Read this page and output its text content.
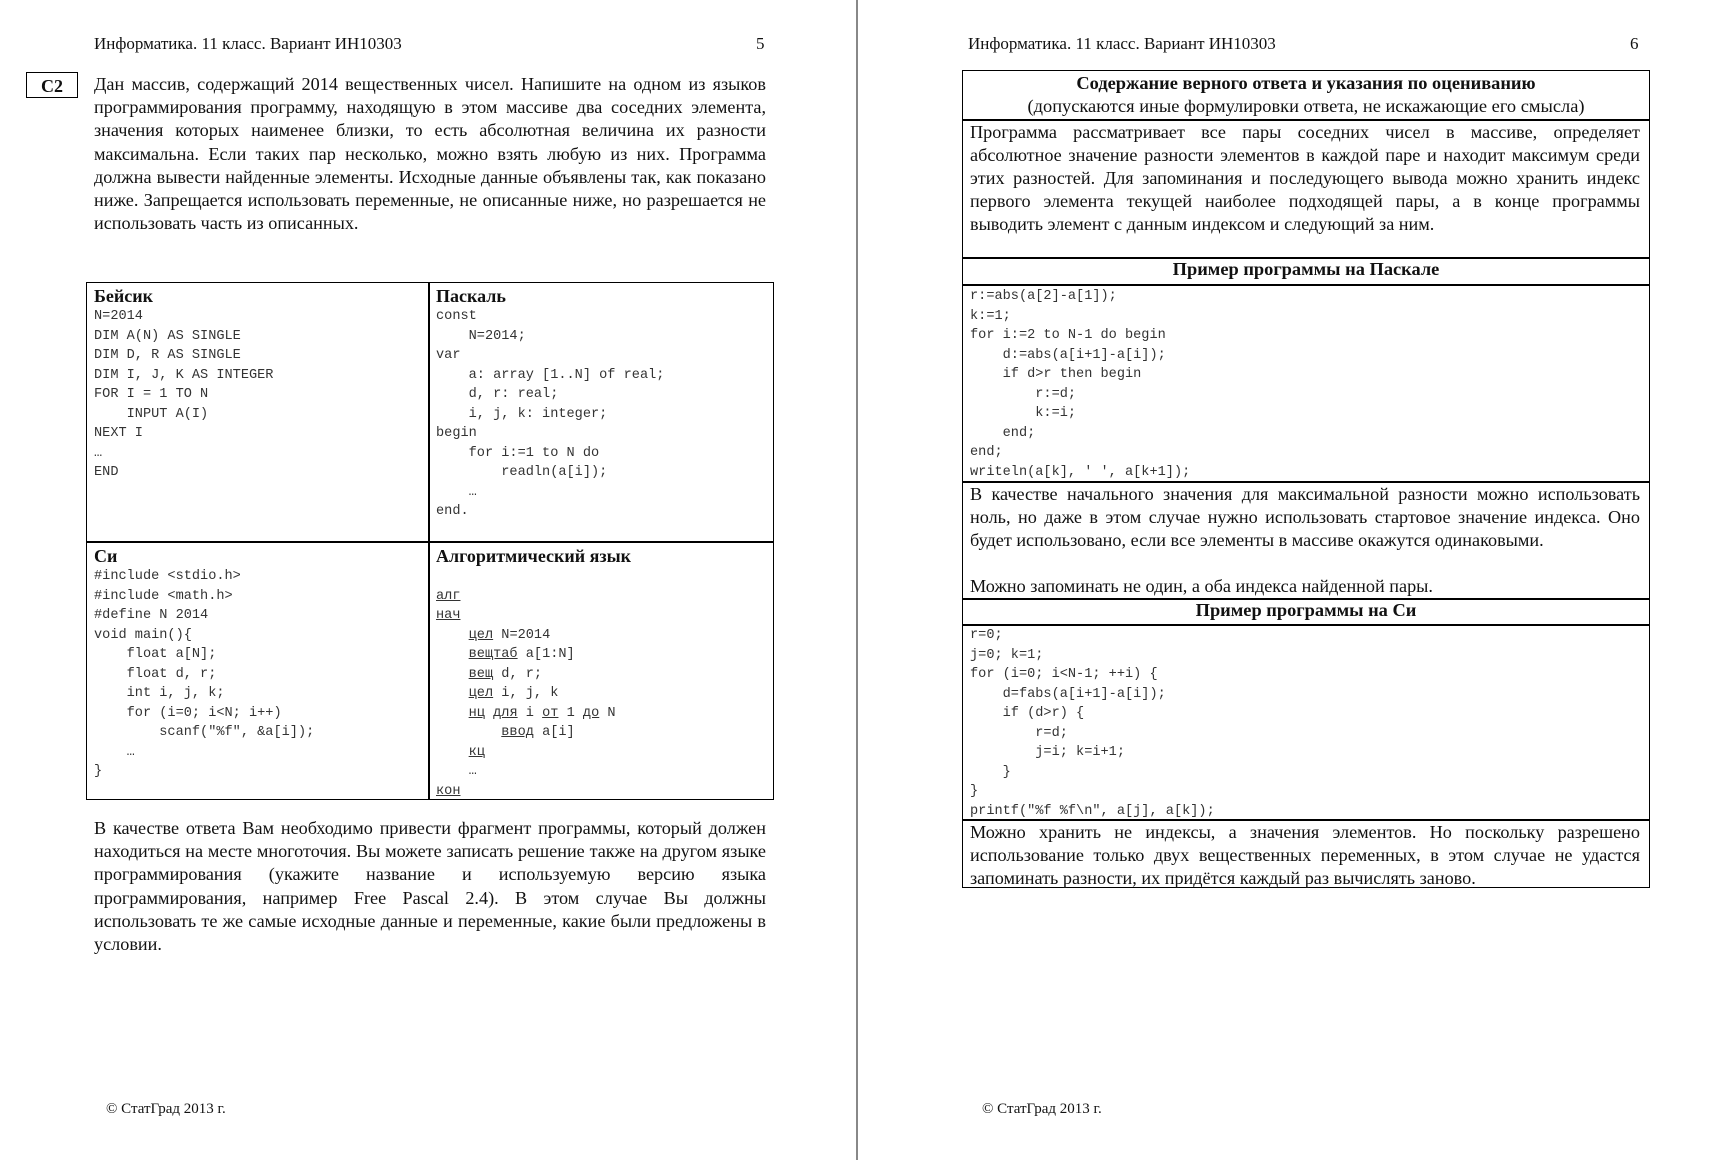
Информатика. 11 класс. Вариант ИН10303	5
С2	Дан массив, содержащий 2014 вещественных чисел. Напишите на одном из языков программирования программу, находящую в этом массиве два соседних элемента, значения которых наименее близки, то есть абсолютная величина их разности максимальна. Если таких пар несколько, можно взять любую из них. Программа должна вывести найденные элементы. Исходные данные объявлены так, как показано ниже. Запрещается использовать переменные, не описанные ниже, но разрешается не использовать часть из описанных.
Бейсик
N=2014
DIM A(N) AS SINGLE
DIM D, R AS SINGLE
DIM I, J, K AS INTEGER
FOR I = 1 TO N
INPUT A(I)
NEXT I
…
END
Паскаль
const
N=2014;
var
a: array [1..N] of real;
d, r: real;
i, j, k: integer;
begin
for i:=1 to N do
readln(a[i]);
…
end.
Си
#include <stdio.h>
#include <math.h>
#define N 2014
void main(){
float a[N];
float d, r;
int i, j, k;
for (i=0; i<N; i++)
scanf("%f", &a[i]);
…
}
Алгоритмический язык

алг
нач
цел N=2014
вещтаб a[1:N]
вещ d, r;
цел i, j, k
нц для i от 1 до N
ввод a[i]
кц
…
кон

В качестве ответа Вам необходимо привести фрагмент программы, который должен находиться на месте многоточия. Вы можете записать решение также на другом языке программирования (укажите название и используемую версию языка программирования, например Free Pascal 2.4). В этом случае Вы должны использовать те же самые исходные данные и переменные, какие были предложены в условии.
© СтатГрад 2013 г.
Информатика. 11 класс. Вариант ИН10303	6
Содержание верного ответа и указания по оцениванию
(допускаются иные формулировки ответа, не искажающие его смысла)
Программа рассматривает все пары соседних чисел в массиве, определяет абсолютное значение разности элементов в каждой паре и находит максимум среди этих разностей. Для запоминания и последующего вывода можно хранить индекс первого элемента текущей наиболее подходящей пары, а в конце программы выводить элемент с данным индексом и следующий за ним.
Пример программы на Паскале
r:=abs(a[2]-a[1]);
k:=1;
for i:=2 to N-1 do begin
d:=abs(a[i+1]-a[i]);
if d>r then begin
r:=d;
k:=i;
end;
end;
writeln(a[k], ' ', a[k+1]);
В качестве начального значения для максимальной разности можно использовать ноль, но даже в этом случае нужно использовать стартовое значение индекса. Оно будет использовано, если все элементы в массиве окажутся одинаковыми.
Можно запоминать не один, а оба индекса найденной пары.
Пример программы на Си
r=0;
j=0; k=1;
for (i=0; i<N-1; ++i) {
d=fabs(a[i+1]-a[i]);
if (d>r) {
r=d;
j=i; k=i+1;
}
}
printf("%f %f\n", a[j], a[k]);
Можно хранить не индексы, а значения элементов. Но поскольку разрешено использование только двух вещественных переменных, в этом случае не удастся запоминать разности, их придётся каждый раз вычислять заново.
© СтатГрад 2013 г.
